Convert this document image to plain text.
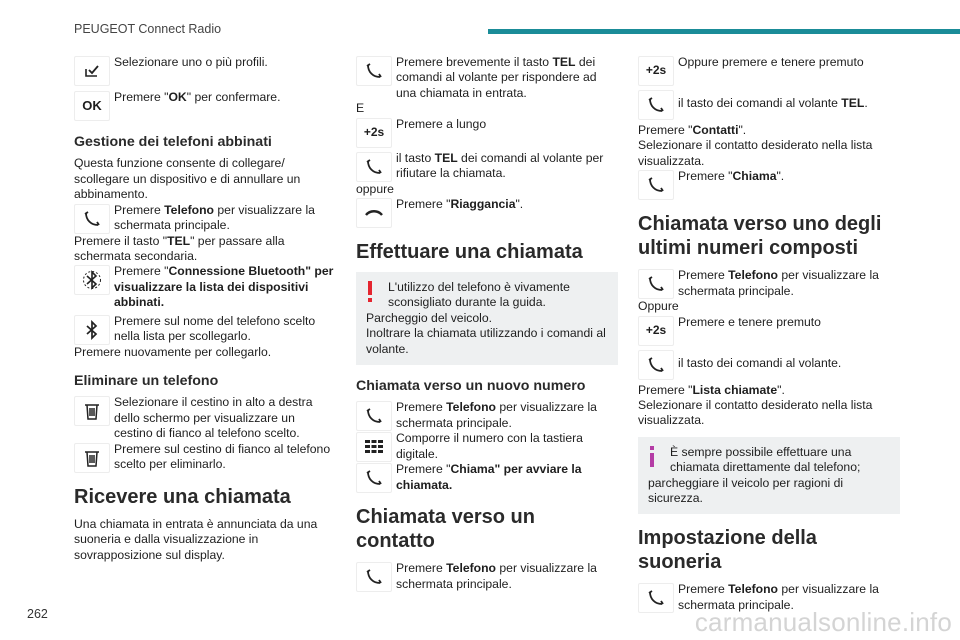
PEUGEOT Connect Radio

Selezionare uno o più profili.

OK

Premere "OK" per confermare.

Gestione dei telefoni abbinati

Questa funzione consente di collegare/ scollegare un dispositivo e di annullare un abbinamento.

Premere Telefono per visualizzare la schermata principale.

Premere il tasto "TEL" per passare alla schermata secondaria.

Premere "Connessione Bluetooth" per visualizzare la lista dei dispositivi abbinati.

Premere sul nome del telefono scelto nella lista per scollegarlo.

Premere nuovamente per collegarlo.

Eliminare un telefono

Selezionare il cestino in alto a destra dello schermo per visualizzare un cestino di fianco al telefono scelto.

Premere sul cestino di fianco al telefono scelto per eliminarlo.

Ricevere una chiamata

Una chiamata in entrata è annunciata da una suoneria e dalla visualizzazione in sovrapposizione sul display.

Premere brevemente il tasto TEL dei comandi al volante per rispondere ad una chiamata in entrata.

E

+2s

Premere a lungo

il tasto TEL dei comandi al volante per rifiutare la chiamata.

oppure

Premere "Riaggancia".

Effettuare una chiamata

L'utilizzo del telefono è vivamente sconsigliato durante la guida.

Parcheggio del veicolo.

Inoltrare la chiamata utilizzando i comandi al volante.

Chiamata verso un nuovo numero

Premere Telefono per visualizzare la schermata principale.

Comporre il numero con la tastiera digitale.

Premere "Chiama" per avviare la chiamata.

Chiamata verso un contatto

Premere Telefono per visualizzare la schermata principale.

+2s

Oppure premere e tenere premuto

il tasto dei comandi al volante TEL.

Premere "Contatti".

Selezionare il contatto desiderato nella lista visualizzata.

Premere "Chiama".

Chiamata verso uno degli ultimi numeri composti

Premere Telefono per visualizzare la schermata principale.

Oppure

+2s

Premere e tenere premuto

il tasto dei comandi al volante.

Premere "Lista chiamate".

Selezionare il contatto desiderato nella lista visualizzata.

È sempre possibile effettuare una chiamata direttamente dal telefono;

parcheggiare il veicolo per ragioni di sicurezza.

Impostazione della suoneria

Premere Telefono per visualizzare la schermata principale.

262	carmanualsonline.info
